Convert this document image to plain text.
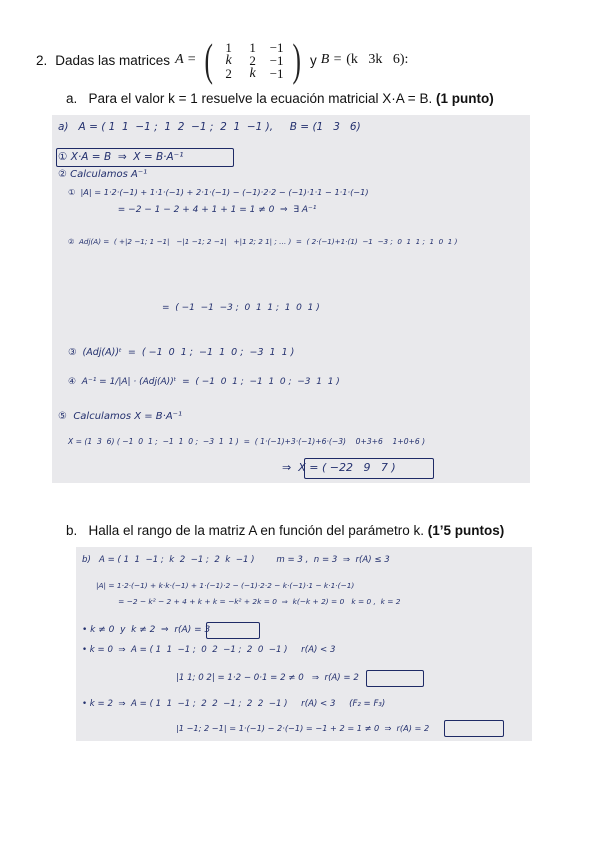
2. Dadas las matrices A = ( 1	1	−1
k	2	−1
2	k	−1 ) y B = (k   3k   6):
a. Para el valor k = 1 resuelve la ecuación matricial X·A = B. (1 punto)
a)   A = ( 1  1  −1 ;  1  2  −1 ;  2  1  −1 ),     B = (1   3   6)
① X·A = B  ⇒  X = B·A⁻¹
② Calculamos A⁻¹
①  |A| = 1·2·(−1) + 1·1·(−1) + 2·1·(−1) − (−1)·2·2 − (−1)·1·1 − 1·1·(−1)
= −2 − 1 − 2 + 4 + 1 + 1 = 1 ≠ 0  ⇒  ∃ A⁻¹
②  Adj(A) =  ( +|2 −1; 1 −1|   −|1 −1; 2 −1|   +|1 2; 2 1| ; … )  =  ( 2·(−1)+1·(1)  −1  −3 ;  0  1  1 ;  1  0  1 )
=  ( −1  −1  −3 ;  0  1  1 ;  1  0  1 )
③  (Adj(A))ᵗ  =  ( −1  0  1 ;  −1  1  0 ;  −3  1  1 )
④  A⁻¹ = 1/|A| · (Adj(A))ᵗ  =  ( −1  0  1 ;  −1  1  0 ;  −3  1  1 )
⑤  Calculamos X = B·A⁻¹
X = (1  3  6) ( −1  0  1 ;  −1  1  0 ;  −3  1  1 )  =  ( 1·(−1)+3·(−1)+6·(−3)    0+3+6    1+0+6 )
⇒  X = ( −22   9   7 )
b. Halla el rango de la matriz A en función del parámetro k. (1’5 puntos)
b)   A = ( 1  1  −1 ;  k  2  −1 ;  2  k  −1 )        m = 3 ,  n = 3  ⇒  r(A) ≤ 3
|A| = 1·2·(−1) + k·k·(−1) + 1·(−1)·2 − (−1)·2·2 − k·(−1)·1 − k·1·(−1)
= −2 − k² − 2 + 4 + k + k = −k² + 2k = 0  ⇒  k(−k + 2) = 0   k = 0 ,  k = 2
• k ≠ 0  y  k ≠ 2  ⇒  r(A) = 3
• k = 0  ⇒  A = ( 1  1  −1 ;  0  2  −1 ;  2  0  −1 )     r(A) < 3
|1 1; 0 2| = 1·2 − 0·1 = 2 ≠ 0   ⇒  r(A) = 2
• k = 2  ⇒  A = ( 1  1  −1 ;  2  2  −1 ;  2  2  −1 )     r(A) < 3     (F₂ = F₃)
|1 −1; 2 −1| = 1·(−1) − 2·(−1) = −1 + 2 = 1 ≠ 0  ⇒  r(A) = 2
